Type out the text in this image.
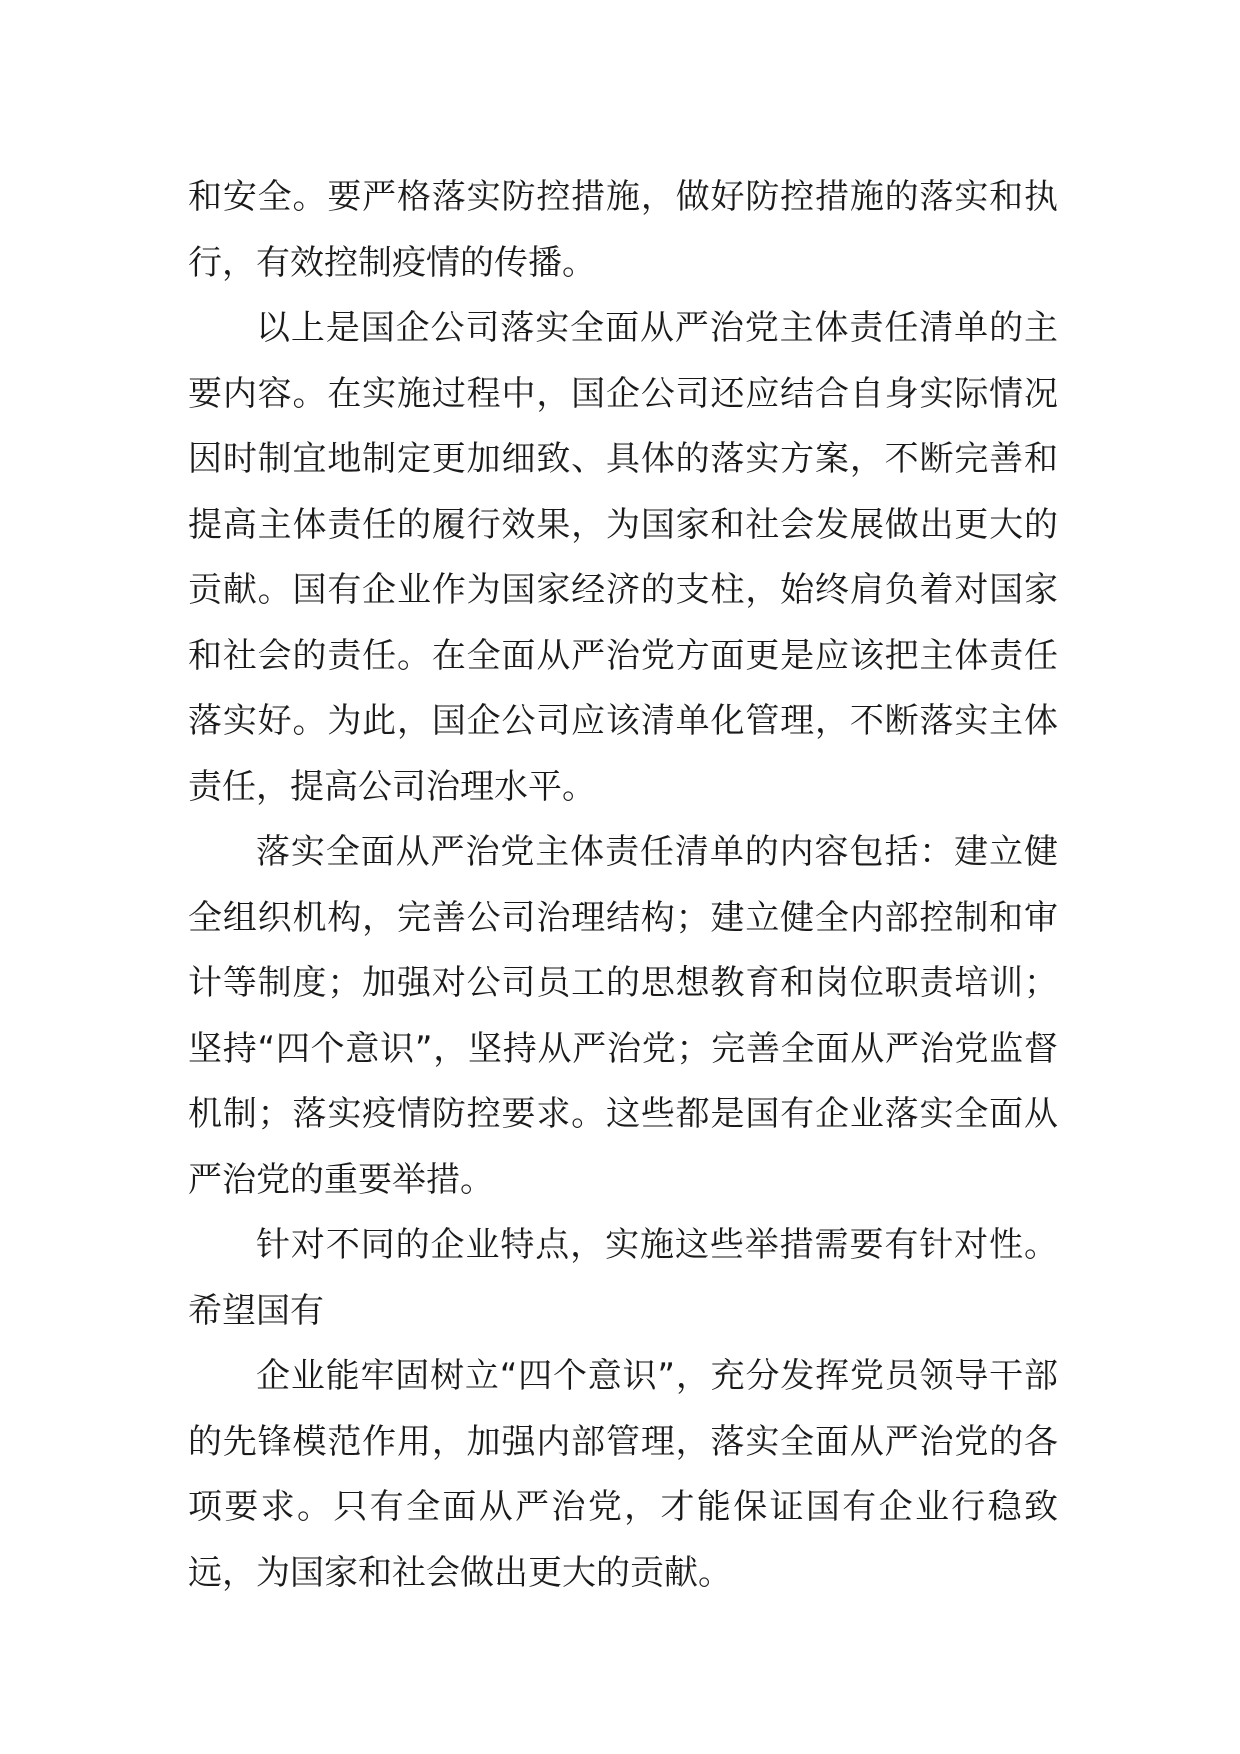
和安全。要严格落实防控措施，做好防控措施的落实和执行，有效控制疫情的传播。

以上是国企公司落实全面从严治党主体责任清单的主要内容。在实施过程中，国企公司还应结合自身实际情况因时制宜地制定更加细致、具体的落实方案，不断完善和提高主体责任的履行效果，为国家和社会发展做出更大的贡献。国有企业作为国家经济的支柱，始终肩负着对国家和社会的责任。在全面从严治党方面更是应该把主体责任落实好。为此，国企公司应该清单化管理，不断落实主体责任，提高公司治理水平。

落实全面从严治党主体责任清单的内容包括：建立健全组织机构，完善公司治理结构；建立健全内部控制和审计等制度；加强对公司员工的思想教育和岗位职责培训；坚持“四个意识”，坚持从严治党；完善全面从严治党监督机制；落实疫情防控要求。这些都是国有企业落实全面从严治党的重要举措。

针对不同的企业特点，实施这些举措需要有针对性。希望国有

企业能牢固树立“四个意识”，充分发挥党员领导干部的先锋模范作用，加强内部管理，落实全面从严治党的各项要求。只有全面从严治党，才能保证国有企业行稳致远，为国家和社会做出更大的贡献。
